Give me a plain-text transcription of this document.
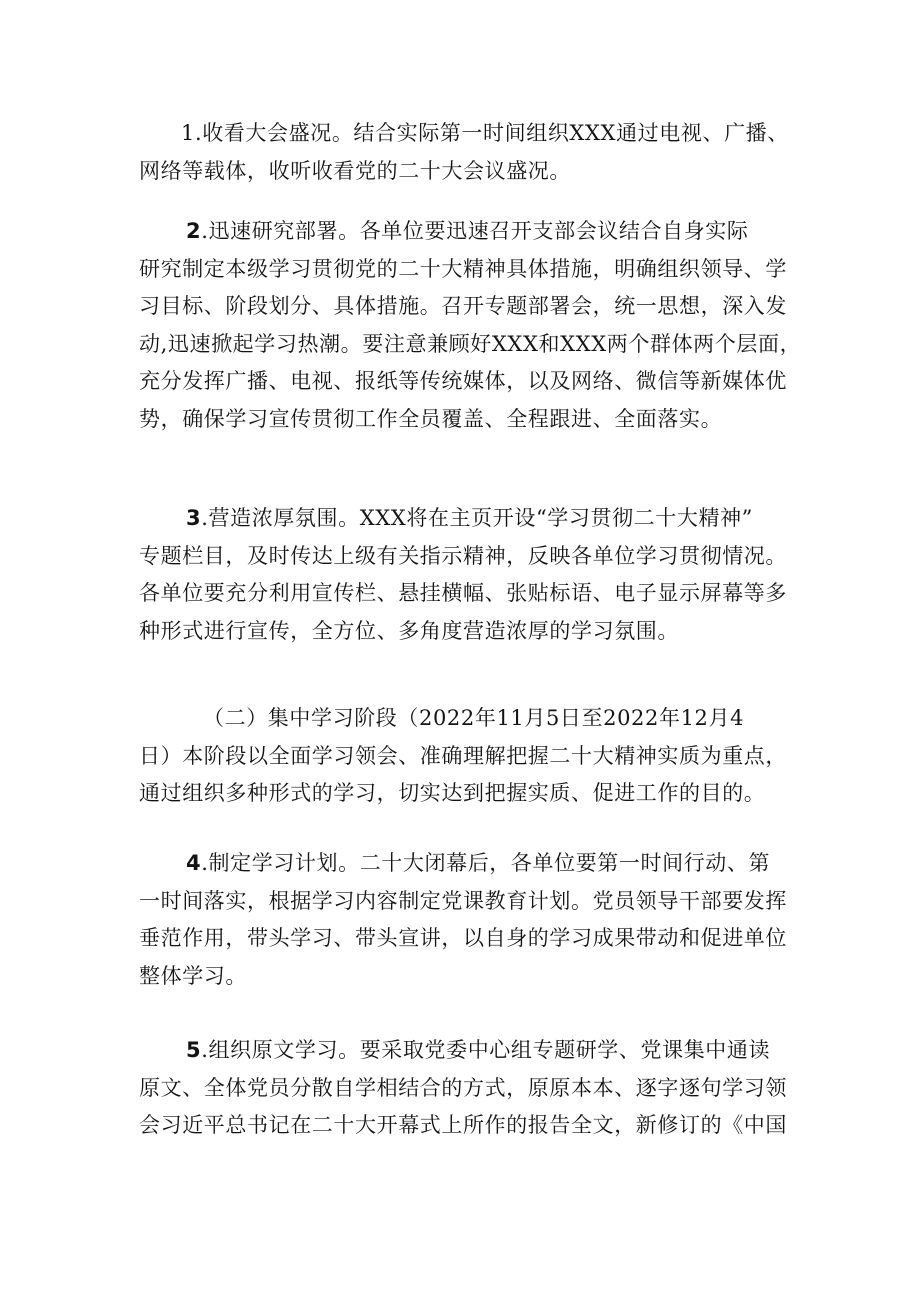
1.收看大会盛况。结合实际第一时间组织XXX通过电视、广播、
网络等载体，收听收看党的二十大会议盛况。
2.迅速研究部署。各单位要迅速召开支部会议结合自身实际
研究制定本级学习贯彻党的二十大精神具体措施，明确组织领导、学
习目标、阶段划分、具体措施。召开专题部署会，统一思想，深入发
动,迅速掀起学习热潮。要注意兼顾好XXX和XXX两个群体两个层面，
充分发挥广播、电视、报纸等传统媒体，以及网络、微信等新媒体优
势，确保学习宣传贯彻工作全员覆盖、全程跟进、全面落实。
3.营造浓厚氛围。XXX将在主页开设“学习贯彻二十大精神”
专题栏目，及时传达上级有关指示精神，反映各单位学习贯彻情况。
各单位要充分利用宣传栏、悬挂横幅、张贴标语、电子显示屏幕等多
种形式进行宣传，全方位、多角度营造浓厚的学习氛围。
（二）集中学习阶段（2022年11月5日至2022年12月4
日）本阶段以全面学习领会、准确理解把握二十大精神实质为重点，
通过组织多种形式的学习，切实达到把握实质、促进工作的目的。
4.制定学习计划。二十大闭幕后，各单位要第一时间行动、第
一时间落实，根据学习内容制定党课教育计划。党员领导干部要发挥
垂范作用，带头学习、带头宣讲，以自身的学习成果带动和促进单位
整体学习。
5.组织原文学习。要采取党委中心组专题研学、党课集中通读
原文、全体党员分散自学相结合的方式，原原本本、逐字逐句学习领
会习近平总书记在二十大开幕式上所作的报告全文，新修订的《中国
